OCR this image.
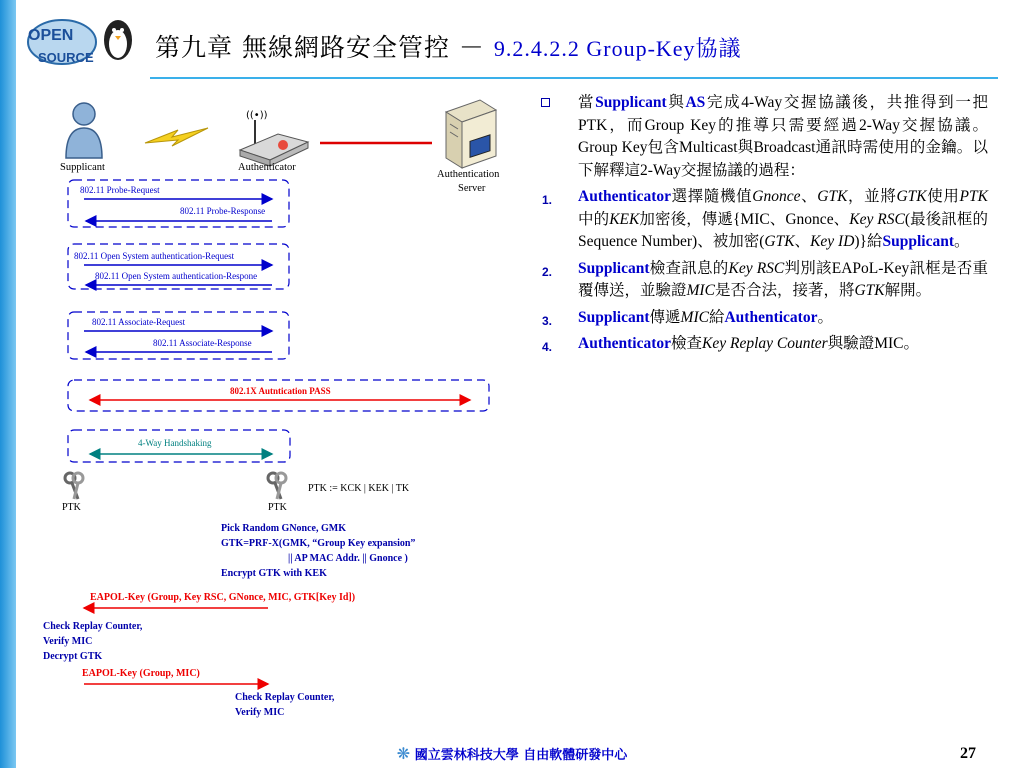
OPEN
SOURCE 第九章 無線網路安全管控 － 9.2.4.2.2 Group-Key協議
Supplicant
((•))
Authenticator
Authentication
Server
802.11 Probe-Request
802.11 Probe-Response
802.11 Open System authentication-Request
802.11 Open System authentication-Respone
802.11 Associate-Request
802.11 Associate-Response
802.1X Autntication PASS
4-Way Handshaking
PTK	PTK
PTK := KCK | KEK | TK
Pick Random GNonce, GMK
GTK=PRF-X(GMK, “Group Key expansion”
|| AP MAC Addr. || Gnonce )
Encrypt GTK with KEK
EAPOL-Key (Group, Key RSC, GNonce, MIC, GTK[Key Id])
Check Replay Counter,
Verify MIC
Decrypt GTK
EAPOL-Key (Group, MIC)
Check Replay Counter,
Verify MIC

當Supplicant與AS完成4-Way交握協議後，共推得到一把PTK，而Group Key的推導只需要經過2-Way交握協議。Group Key包含Multicast與Broadcast通訊時需使用的金鑰。以下解釋這2-Way交握協議的過程：

1. Authenticator選擇隨機值Gnonce、GTK，並將GTK使用PTK中的KEK加密後，傳遞{MIC、Gnonce、Key RSC(最後訊框的Sequence Number)、被加密(GTK、Key ID)}給Supplicant。

2. Supplicant檢查訊息的Key RSC判別該EAPoL-Key訊框是否重覆傳送，並驗證MIC是否合法，接著，將GTK解開。

3. Supplicant傳遞MIC給Authenticator。

4. Authenticator檢查Key Replay Counter與驗證MIC。

❋ 國立雲林科技大學 自由軟體研發中心	27
